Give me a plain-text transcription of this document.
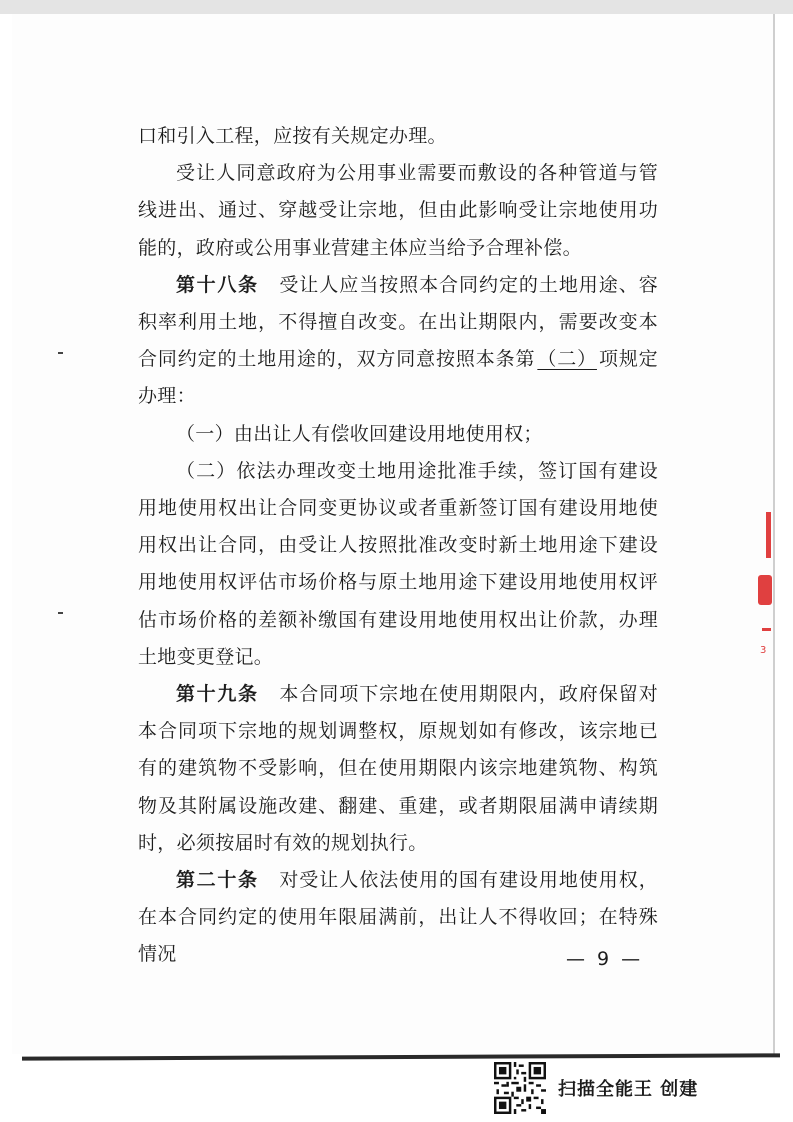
3

口和引入工程，应按有关规定办理。

受让人同意政府为公用事业需要而敷设的各种管道与管线进出、通过、穿越受让宗地，但由此影响受让宗地使用功能的，政府或公用事业营建主体应当给予合理补偿。

第十八条 受让人应当按照本合同约定的土地用途、容积率利用土地，不得擅自改变。在出让期限内，需要改变本合同约定的土地用途的，双方同意按照本条第 （二） 项规定办理：

（一）由出让人有偿收回建设用地使用权；

（二）依法办理改变土地用途批准手续，签订国有建设用地使用权出让合同变更协议或者重新签订国有建设用地使用权出让合同，由受让人按照批准改变时新土地用途下建设用地使用权评估市场价格与原土地用途下建设用地使用权评估市场价格的差额补缴国有建设用地使用权出让价款，办理土地变更登记。

第十九条 本合同项下宗地在使用期限内，政府保留对本合同项下宗地的规划调整权，原规划如有修改，该宗地已有的建筑物不受影响，但在使用期限内该宗地建筑物、构筑物及其附属设施改建、翻建、重建，或者期限届满申请续期时，必须按届时有效的规划执行。

第二十条 对受让人依法使用的国有建设用地使用权，在本合同约定的使用年限届满前，出让人不得收回；在特殊情况	— 9 —
扫描全能王 创建
